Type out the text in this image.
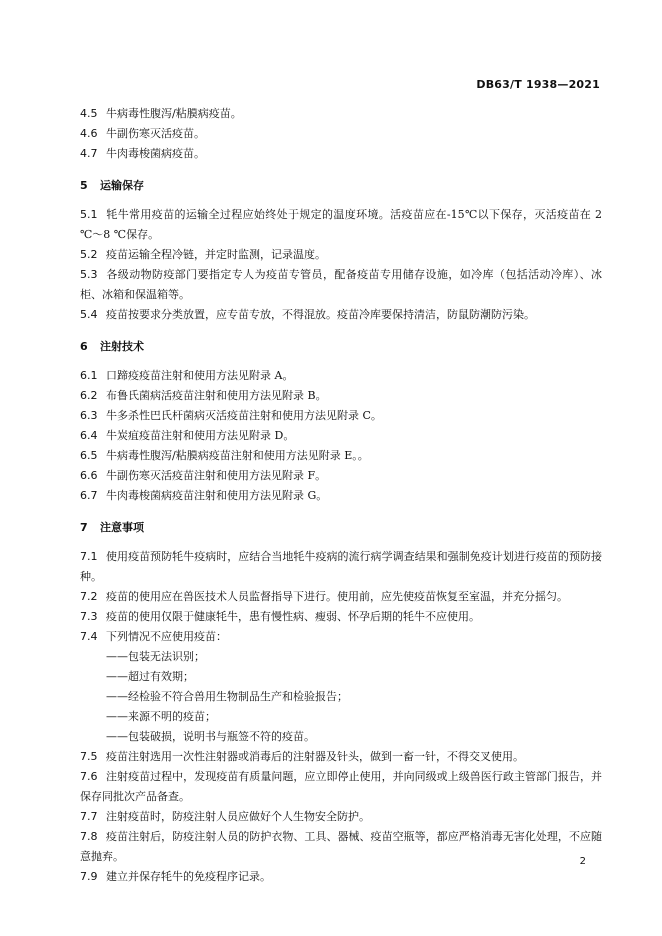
DB63/T 1938—2021
4.5 牛病毒性腹泻/粘膜病疫苗。
4.6 牛副伤寒灭活疫苗。
4.7 牛肉毒梭菌病疫苗。
5 运输保存
5.1 牦牛常用疫苗的运输全过程应始终处于规定的温度环境。活疫苗应在-15℃以下保存，灭活疫苗在 2 ℃～8 ℃保存。
5.2 疫苗运输全程冷链，并定时监测，记录温度。
5.3 各级动物防疫部门要指定专人为疫苗专管员，配备疫苗专用储存设施，如冷库（包括活动冷库）、冰柜、冰箱和保温箱等。
5.4 疫苗按要求分类放置，应专苗专放，不得混放。疫苗冷库要保持清洁，防鼠防潮防污染。
6 注射技术
6.1 口蹄疫疫苗注射和使用方法见附录 A。
6.2 布鲁氏菌病活疫苗注射和使用方法见附录 B。
6.3 牛多杀性巴氏杆菌病灭活疫苗注射和使用方法见附录 C。
6.4 牛炭疽疫苗注射和使用方法见附录 D。
6.5 牛病毒性腹泻/粘膜病疫苗注射和使用方法见附录 E。。
6.6 牛副伤寒灭活疫苗注射和使用方法见附录 F。
6.7 牛肉毒梭菌病疫苗注射和使用方法见附录 G。
7 注意事项
7.1 使用疫苗预防牦牛疫病时，应结合当地牦牛疫病的流行病学调查结果和强制免疫计划进行疫苗的预防接种。
7.2 疫苗的使用应在兽医技术人员监督指导下进行。使用前，应先使疫苗恢复至室温，并充分摇匀。
7.3 疫苗的使用仅限于健康牦牛，患有慢性病、瘦弱、怀孕后期的牦牛不应使用。
7.4 下列情况不应使用疫苗：
——包装无法识别；
——超过有效期；
——经检验不符合兽用生物制品生产和检验报告；
——来源不明的疫苗；
——包装破损，说明书与瓶签不符的疫苗。
7.5 疫苗注射选用一次性注射器或消毒后的注射器及针头，做到一畜一针，不得交叉使用。
7.6 注射疫苗过程中，发现疫苗有质量问题，应立即停止使用，并向同级或上级兽医行政主管部门报告，并保存同批次产品备查。
7.7 注射疫苗时，防疫注射人员应做好个人生物安全防护。
7.8 疫苗注射后，防疫注射人员的防护衣物、工具、器械、疫苗空瓶等，都应严格消毒无害化处理，不应随意抛弃。
7.9 建立并保存牦牛的免疫程序记录。
2
